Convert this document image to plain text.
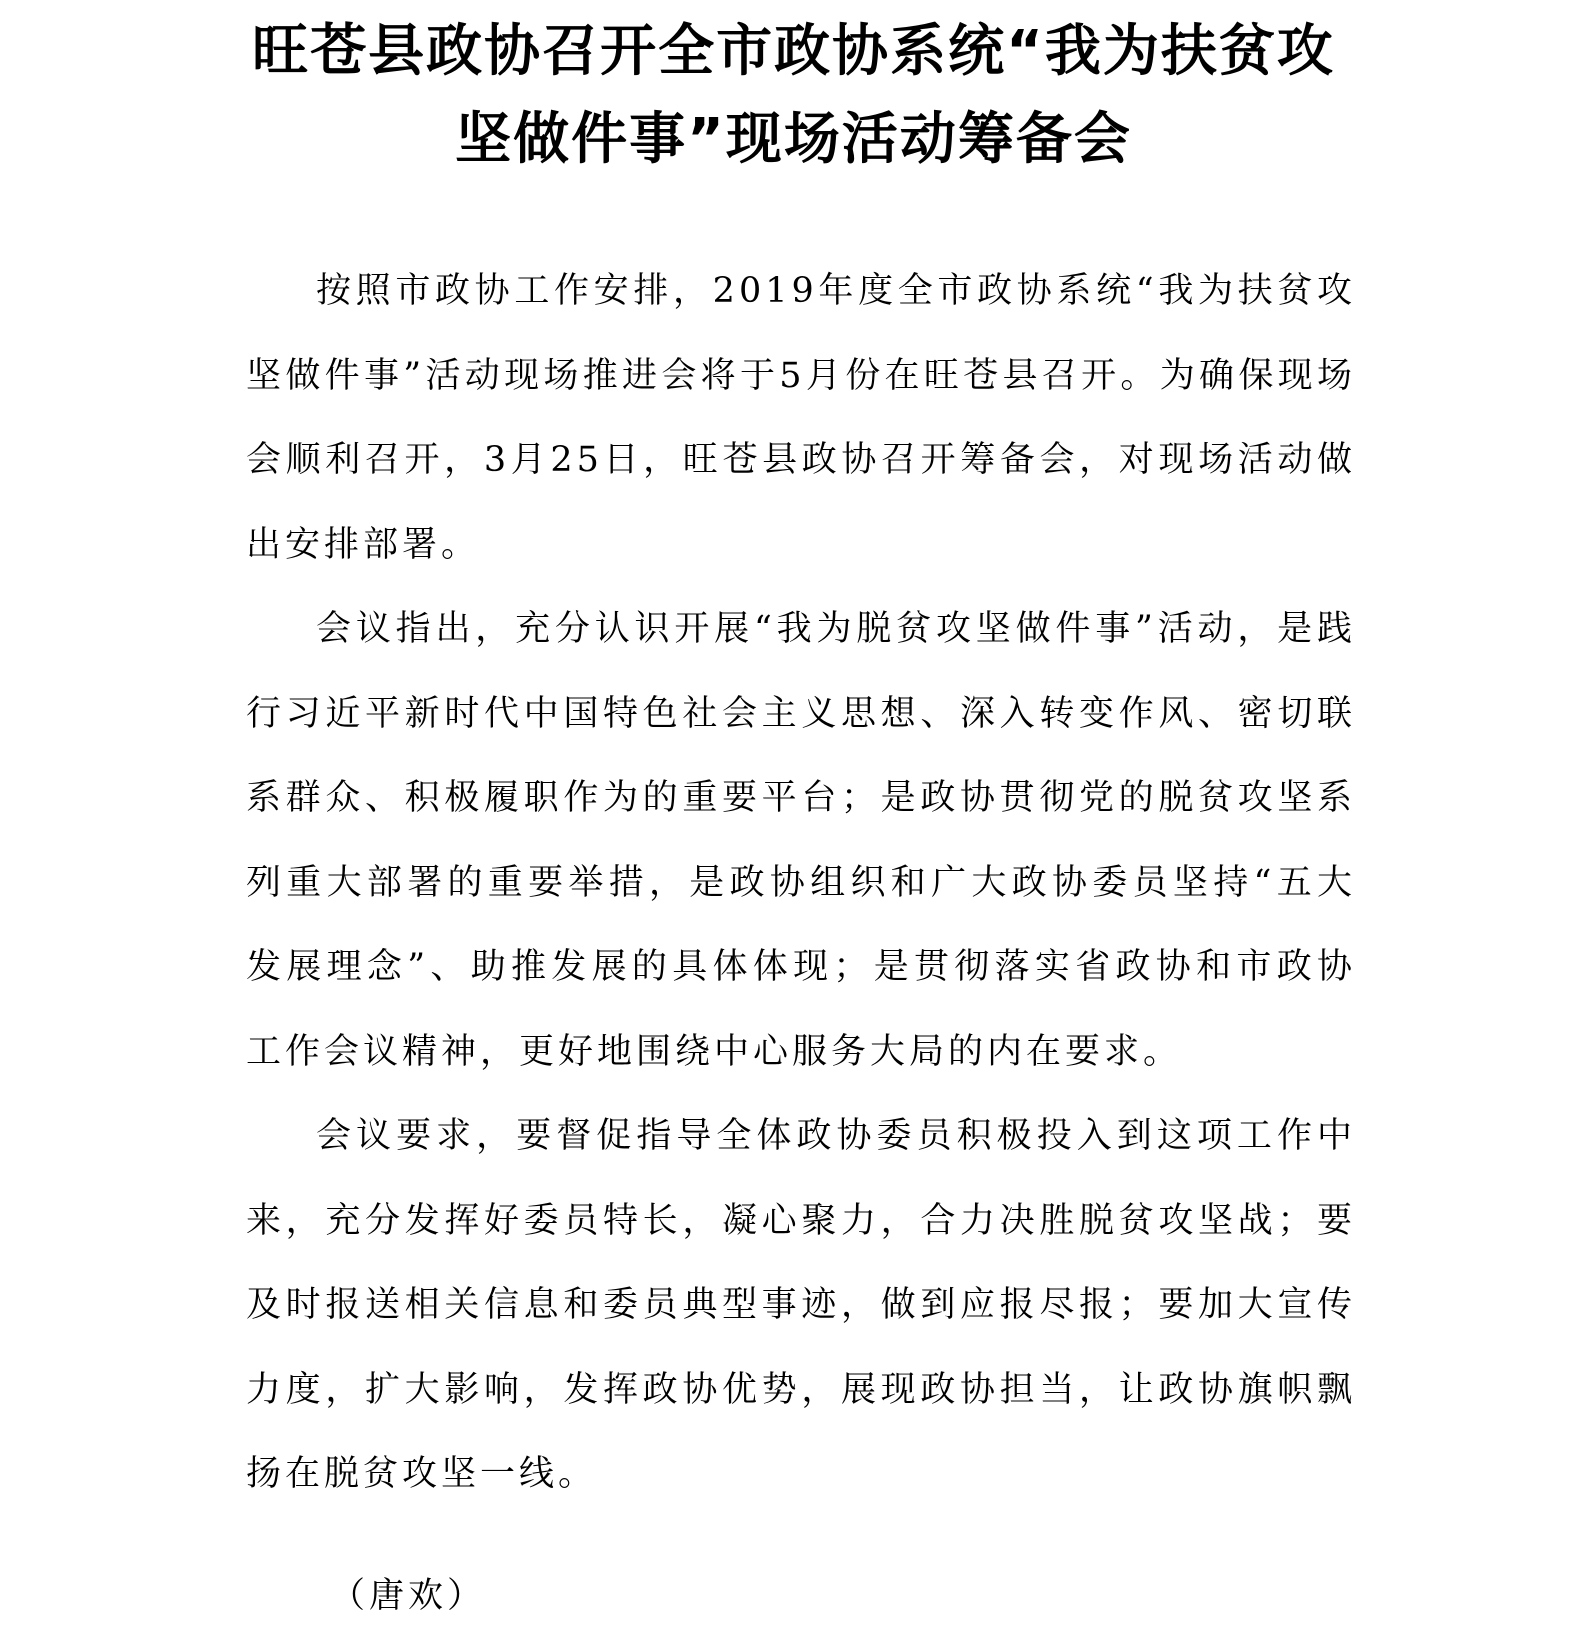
旺苍县政协召开全市政协系统“我为扶贫攻
坚做件事”现场活动筹备会

按照市政协工作安排，2019年度全市政协系统“我为扶贫攻坚做件事”活动现场推进会将于5月份在旺苍县召开。为确保现场会顺利召开，3月25日，旺苍县政协召开筹备会，对现场活动做出安排部署。

会议指出，充分认识开展“我为脱贫攻坚做件事”活动，是践行习近平新时代中国特色社会主义思想、深入转变作风、密切联系群众、积极履职作为的重要平台；是政协贯彻党的脱贫攻坚系列重大部署的重要举措，是政协组织和广大政协委员坚持“五大发展理念”、助推发展的具体体现；是贯彻落实省政协和市政协工作会议精神，更好地围绕中心服务大局的内在要求。

会议要求，要督促指导全体政协委员积极投入到这项工作中来，充分发挥好委员特长，凝心聚力，合力决胜脱贫攻坚战；要及时报送相关信息和委员典型事迹，做到应报尽报；要加大宣传力度，扩大影响，发挥政协优势，展现政协担当，让政协旗帜飘扬在脱贫攻坚一线。

（唐欢）
